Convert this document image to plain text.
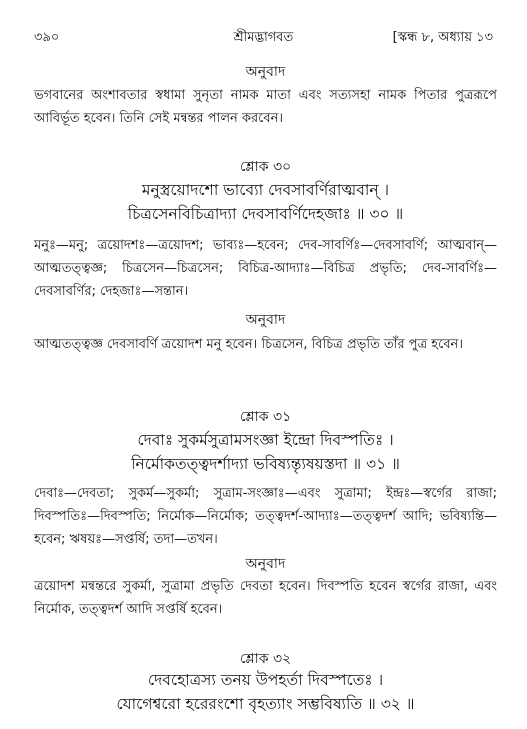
৩৯০	শ্রীমদ্ভাগবত	[স্কন্ধ ৮, অধ্যায় ১৩
অনুবাদ
ভগবানের অংশাবতার স্বধামা সুনৃতা নামক মাতা এবং সত্যসহা নামক পিতার পুত্ররূপে আবির্ভূত হবেন। তিনি সেই মন্বন্তর পালন করবেন।
শ্লোক ৩০
মনুস্ত্রয়োদশো ভাব্যো দেবসাবর্ণিরাত্মবান্ ।
চিত্রসেনবিচিত্রাদ্যা দেবসাবর্ণিদেহজাঃ ॥ ৩০ ॥
মনুঃ—মনু; ত্রয়োদশঃ—ত্রয়োদশ; ভাব্যঃ—হবেন; দেব-সাবর্ণিঃ—দেবসাবর্ণি; আত্মবান্—আত্মতত্ত্বজ্ঞ; চিত্রসেন—চিত্রসেন; বিচিত্র-আদ্যাঃ—বিচিত্র প্রভৃতি; দেব-সাবর্ণিঃ—দেবসাবর্ণির; দেহজাঃ—সন্তান।
অনুবাদ
আত্মতত্ত্বজ্ঞ দেবসাবর্ণি ত্রয়োদশ মনু হবেন। চিত্রসেন, বিচিত্র প্রভৃতি তাঁর পুত্র হবেন।
শ্লোক ৩১
দেবাঃ সুকর্মসুত্রামসংজ্ঞা ইন্দ্রো দিবস্পতিঃ ।
নির্মোকতত্ত্বদর্শাদ্যা ভবিষ্যন্ত্যৃষয়স্তদা ॥ ৩১ ॥
দেবাঃ—দেবতা; সুকর্ম—সুকর্মা; সুত্রাম-সংজ্ঞাঃ—এবং সুত্রামা; ইন্দ্রঃ—স্বর্গের রাজা; দিবস্পতিঃ—দিবস্পতি; নির্মোক—নির্মোক; তত্ত্বদর্শ-আদ্যাঃ—তত্ত্বদর্শ আদি; ভবিষ্যন্তি—হবেন; ঋষয়ঃ—সপ্তর্ষি; তদা—তখন।
অনুবাদ
ত্রয়োদশ মন্বন্তরে সুকর্মা, সুত্রামা প্রভৃতি দেবতা হবেন। দিবস্পতি হবেন স্বর্গের রাজা, এবং নির্মোক, তত্ত্বদর্শ আদি সপ্তর্ষি হবেন।
শ্লোক ৩২
দেবহোত্রস্য তনয় উপহর্তা দিবস্পতেঃ ।
যোগেশ্বরো হরেরংশো বৃহত্যাং সম্ভবিষ্যতি ॥ ৩২ ॥
